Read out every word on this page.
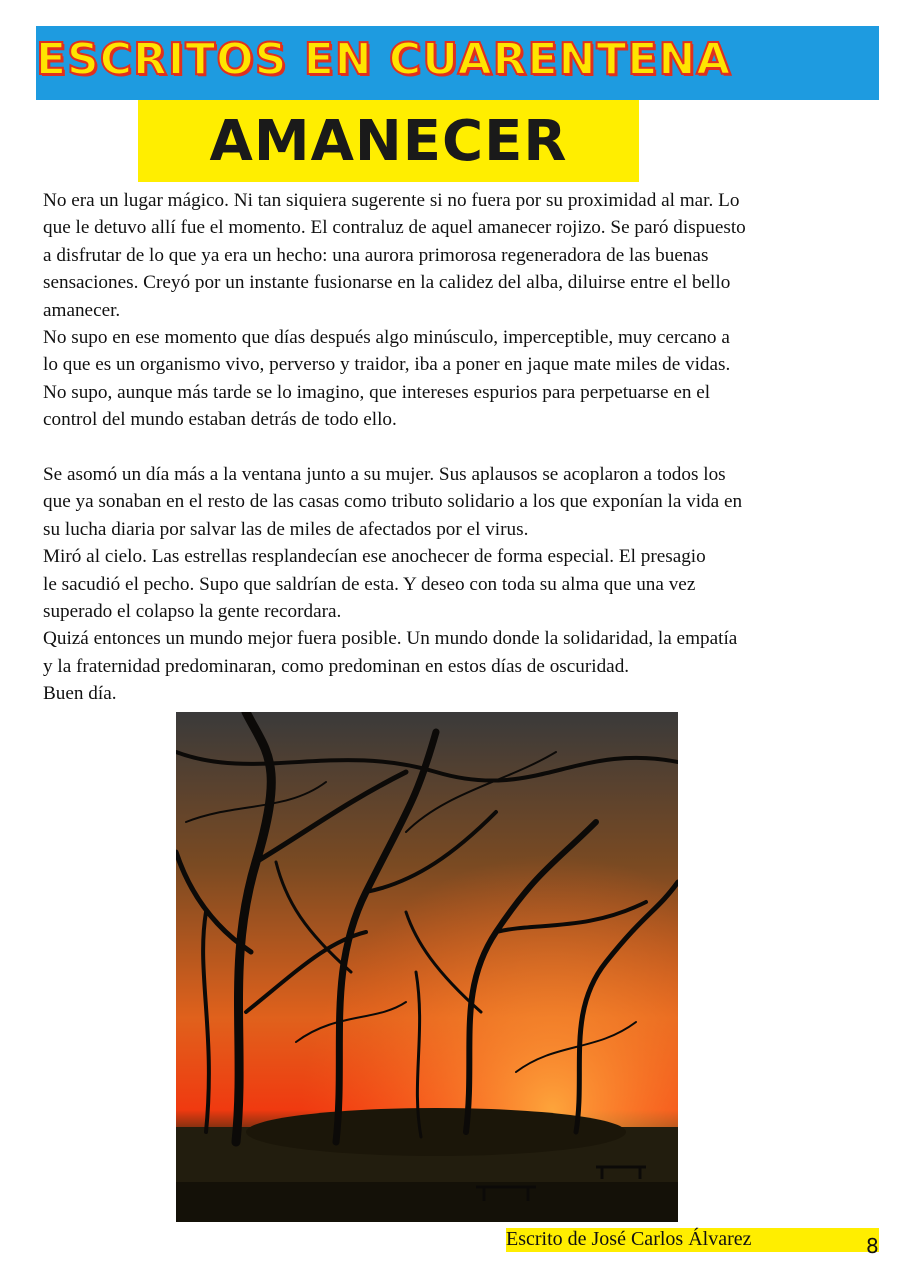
ESCRITOS EN CUARENTENA
AMANECER

No era un lugar mágico. Ni tan siquiera sugerente si no fuera por su proximidad al mar. Lo

que le detuvo allí fue el momento. El contraluz de aquel amanecer rojizo. Se paró dispuesto

a disfrutar de lo que ya era un hecho: una aurora primorosa regeneradora de las buenas

sensaciones. Creyó por un instante fusionarse en la calidez del alba, diluirse entre el bello

amanecer.

No supo en ese momento que días después algo minúsculo, imperceptible, muy cercano a

lo que es un organismo vivo, perverso y traidor, iba a poner en jaque mate miles de vidas.

No supo, aunque más tarde se lo imagino, que intereses espurios para perpetuarse en el

control del mundo estaban detrás de todo ello.

Se asomó un día más a la ventana junto a su mujer. Sus aplausos se acoplaron a todos los

que ya sonaban en el resto de las casas como tributo solidario a los que exponían la vida en

su lucha diaria por salvar las de miles de afectados por el virus.

Miró al cielo. Las estrellas resplandecían ese anochecer de forma especial. El presagio

le sacudió el pecho. Supo que saldrían de esta. Y deseo con toda su alma que una vez

superado el colapso la gente recordara.

Quizá entonces un mundo mejor fuera posible. Un mundo donde la solidaridad, la empatía

y la fraternidad predominaran, como predominan en estos días de oscuridad.

Buen día.

Escrito de José Carlos Álvarez	8
